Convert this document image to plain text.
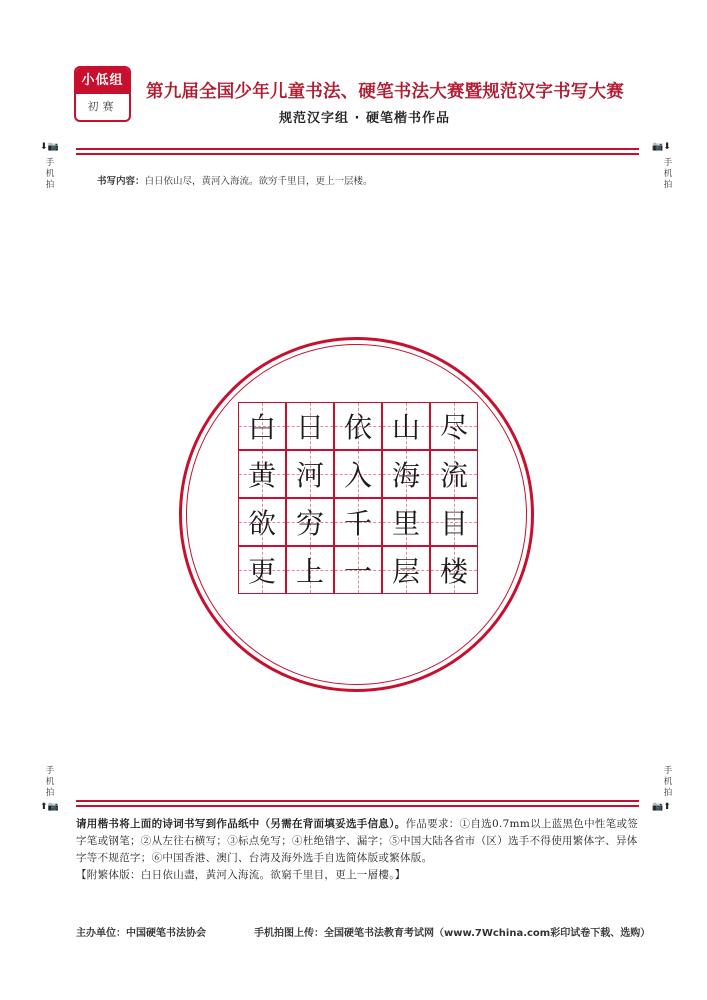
小低组
初赛
第九届全国少年儿童书法、硬笔书法大赛暨规范汉字书写大赛
规范汉字组 · 硬笔楷书作品
⬇📷	📷⬇
手
机
拍
手
机
拍
书写内容：白日依山尽，黄河入海流。欲穷千里目，更上一层楼。
白 日 依 山 尽
黄 河 入 海 流
欲 穷 千 里 目
更 上 一 层 楼
手
机
拍
手
机
拍
⬆📷	📷⬆
请用楷书将上面的诗词书写到作品纸中（另需在背面填妥选手信息）。作品要求：①自选0.7mm以上蓝黑色中性笔或签字笔或钢笔；②从左往右横写；③标点免写；④杜绝错字、漏字；⑤中国大陆各省市（区）选手不得使用繁体字、异体字等不规范字；⑥中国香港、澳门、台湾及海外选手自选简体版或繁体版。
【附繁体版：白日依山盡，黃河入海流。欲窮千里目，更上一層樓。】
主办单位：中国硬笔书法协会	手机拍图上传：全国硬笔书法教育考试网（www.7Wchina.com彩印试卷下载、选购）
